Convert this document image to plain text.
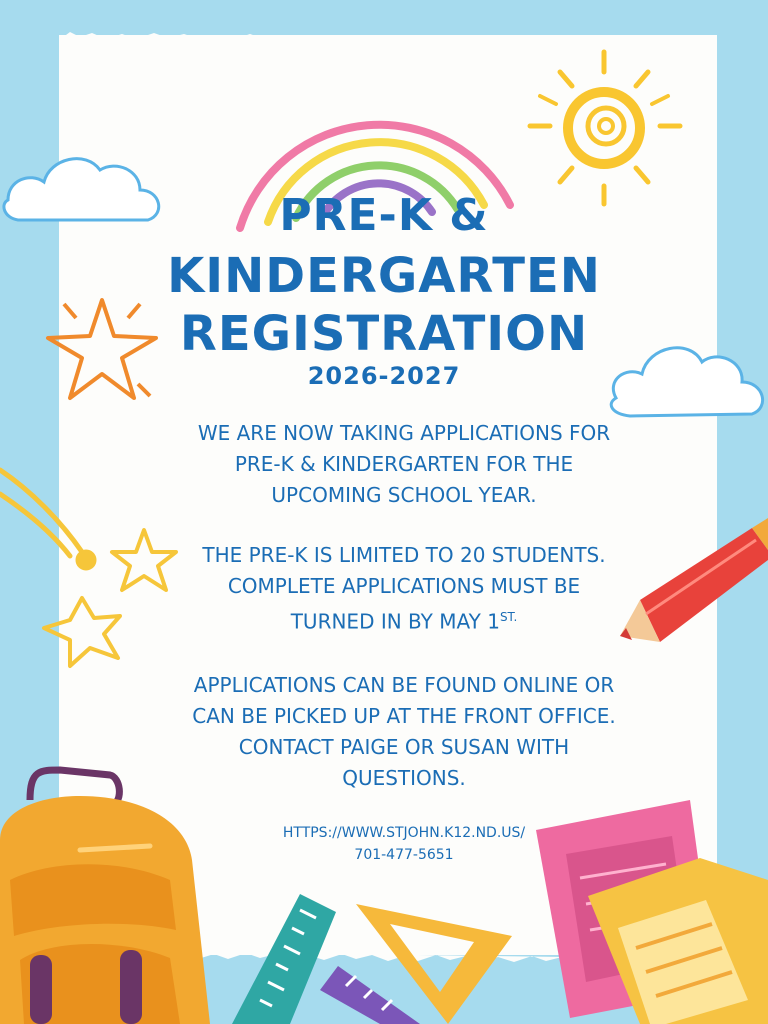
PRE-K &
KINDERGARTEN
REGISTRATION
2026-2027

WE ARE NOW TAKING APPLICATIONS FOR PRE-K & KINDERGARTEN FOR THE UPCOMING SCHOOL YEAR.

THE PRE-K IS LIMITED TO 20 STUDENTS. COMPLETE APPLICATIONS MUST BE TURNED IN BY MAY $1^{ST.}$

APPLICATIONS CAN BE FOUND ONLINE OR CAN BE PICKED UP AT THE FRONT OFFICE. CONTACT PAIGE OR SUSAN WITH QUESTIONS.

HTTPS://WWW.STJOHN.K12.ND.US/

701-477-5651
